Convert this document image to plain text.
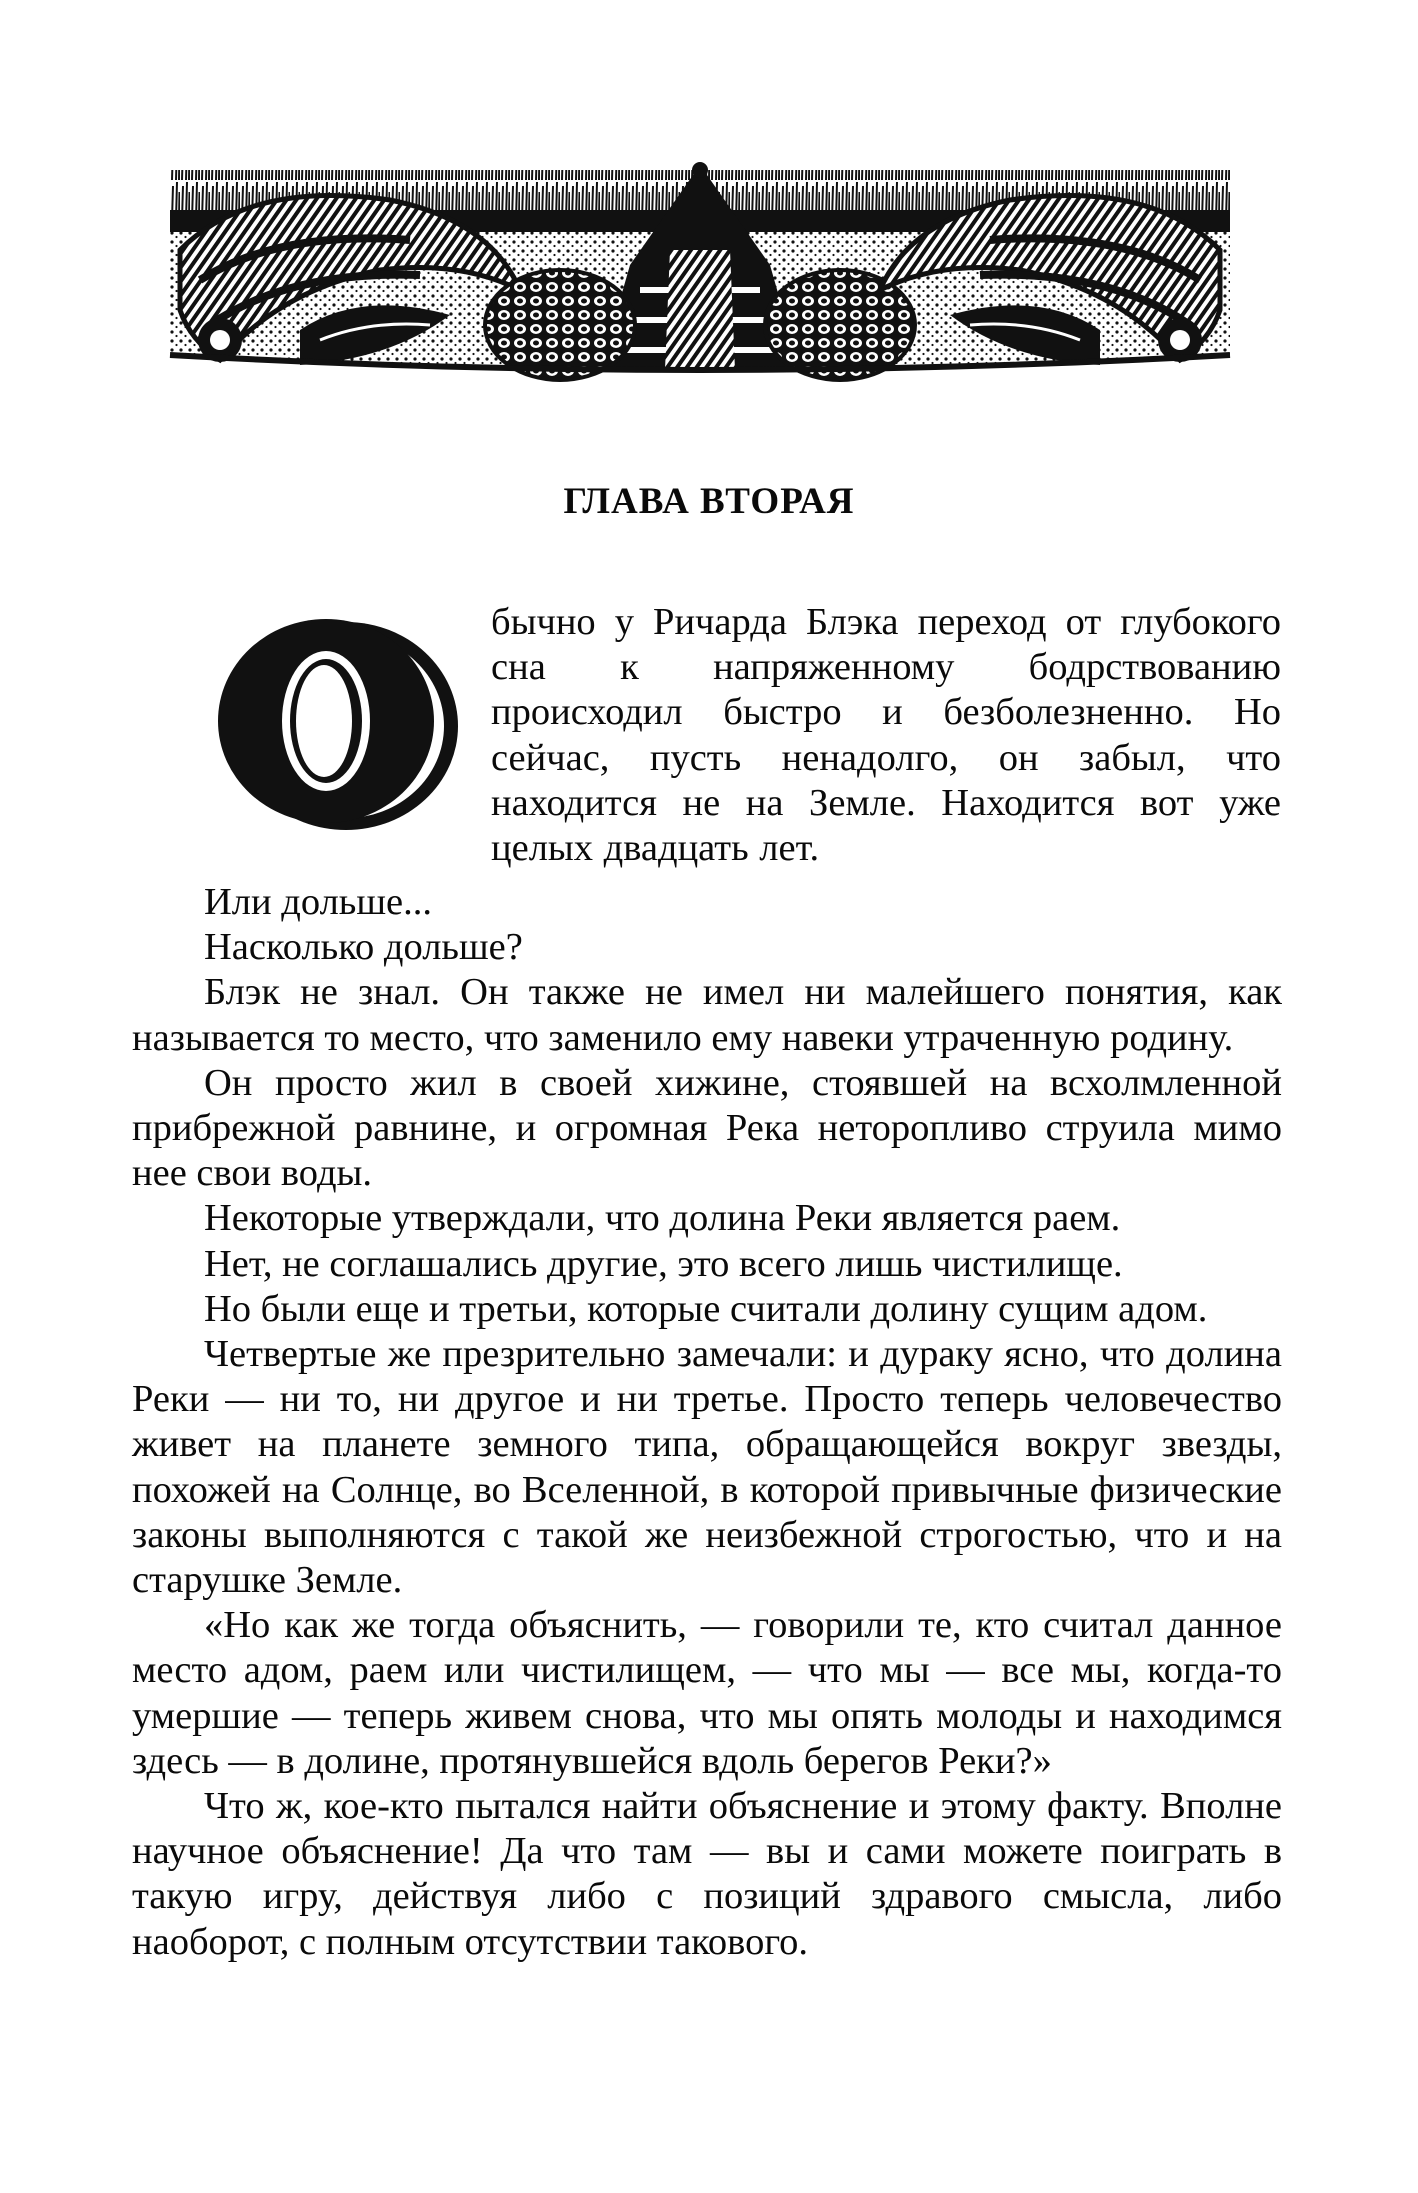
ГЛАВА ВТОРАЯ
О	бычно у Ричарда Блэка переход от глубокого сна к напряженному бодрствованию происходил быстро и безболезненно. Но сейчас, пусть ненадолго, он забыл, что находится не на Земле. Находится вот уже целых двадцать лет.

Или дольше...

Насколько дольше?

Блэк не знал. Он также не имел ни малейшего понятия, как называется то место, что заменило ему навеки утраченную родину.

Он просто жил в своей хижине, стоявшей на всхолмленной прибрежной равнине, и огромная Река неторопливо струила мимо нее свои воды.

Некоторые утверждали, что долина Реки является раем.

Нет, не соглашались другие, это всего лишь чистилище.

Но были еще и третьи, которые считали долину сущим адом.

Четвертые же презрительно замечали: и дураку ясно, что долина Реки — ни то, ни другое и ни третье. Просто теперь человечество живет на планете земного типа, обращающейся вокруг звезды, похожей на Солнце, во Вселенной, в которой привычные физические законы выполняются с такой же неизбежной строгостью, что и на старушке Земле.

«Но как же тогда объяснить, — говорили те, кто считал данное место адом, раем или чистилищем, — что мы — все мы, когда-то умершие — теперь живем снова, что мы опять молоды и находимся здесь — в долине, протянувшейся вдоль берегов Реки?»

Что ж, кое-кто пытался найти объяснение и этому факту. Вполне научное объяснение! Да что там — вы и сами можете поиграть в такую игру, действуя либо с позиций здравого смысла, либо наоборот, с полным отсутствии такового.
